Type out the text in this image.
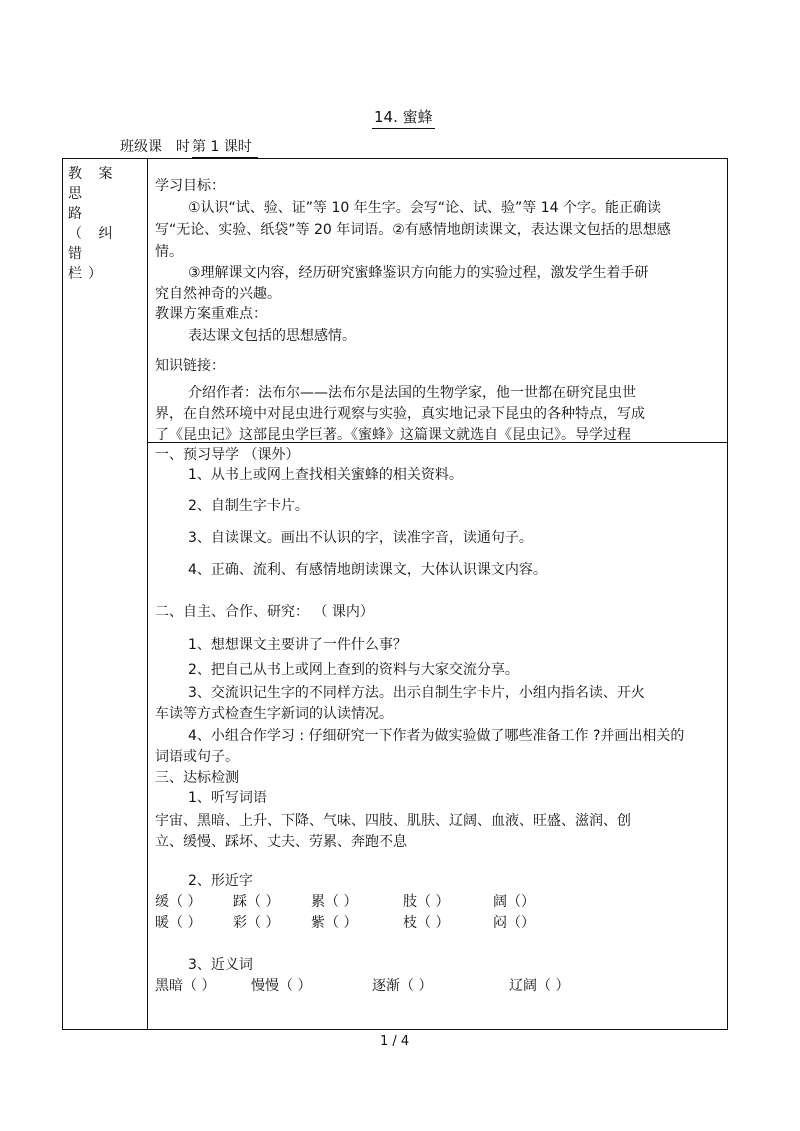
14. 蜜蜂
班级课 时 第 1 课时
教 案 思
路
（ 纠 错
栏）
学习目标：
①认识“试、验、证”等 10 年生字。会写“论、试、验”等 14 个字。能正确读
写“无论、实验、纸袋”等 20 年词语。②有感情地朗读课文，表达课文包括的思想感
情。
③理解课文内容，经历研究蜜蜂鉴识方向能力的实验过程，激发学生着手研
究自然神奇的兴趣。
教课方案重难点：
表达课文包括的思想感情。
知识链接：
介绍作者：法布尔——法布尔是法国的生物学家，他一世都在研究昆虫世
界，在自然环境中对昆虫进行观察与实验，真实地记录下昆虫的各种特点，写成
了《昆虫记》这部昆虫学巨著。《蜜蜂》这篇课文就选自《昆虫记》。导学过程
一、预习导学 （课外）
1、从书上或网上查找相关蜜蜂的相关资料。
2、自制生字卡片。
3、自读课文。画出不认识的字，读准字音，读通句子。
4、正确、流利、有感情地朗读课文，大体认识课文内容。
二、自主、合作、研究： （ 课内）
1、想想课文主要讲了一件什么事？
2、把自己从书上或网上查到的资料与大家交流分享。
3、交流识记生字的不同样方法。出示自制生字卡片，小组内指名读、开火
车读等方式检查生字新词的认读情况。
4、小组合作学习 : 仔细研究一下作者为做实验做了哪些准备工作 ?并画出相关的
词语或句子。
三、达标检测
1、听写词语
宇宙、黑暗、上升、下降、气味、四肢、肌肤、辽阔、血液、旺盛、滋润、创
立、缓慢、踩坏、丈夫、劳累、奔跑不息
2、形近字
缓（ ） 踩（ ） 累（ ）	肢（ ）	阔（）
暖（ ） 彩（ ） 紫（ ）	枝（ ）	闷（）
3、近义词
黑暗（ ）	慢慢（ ）	逐渐（ ）	辽阔（ ）
1 / 4
